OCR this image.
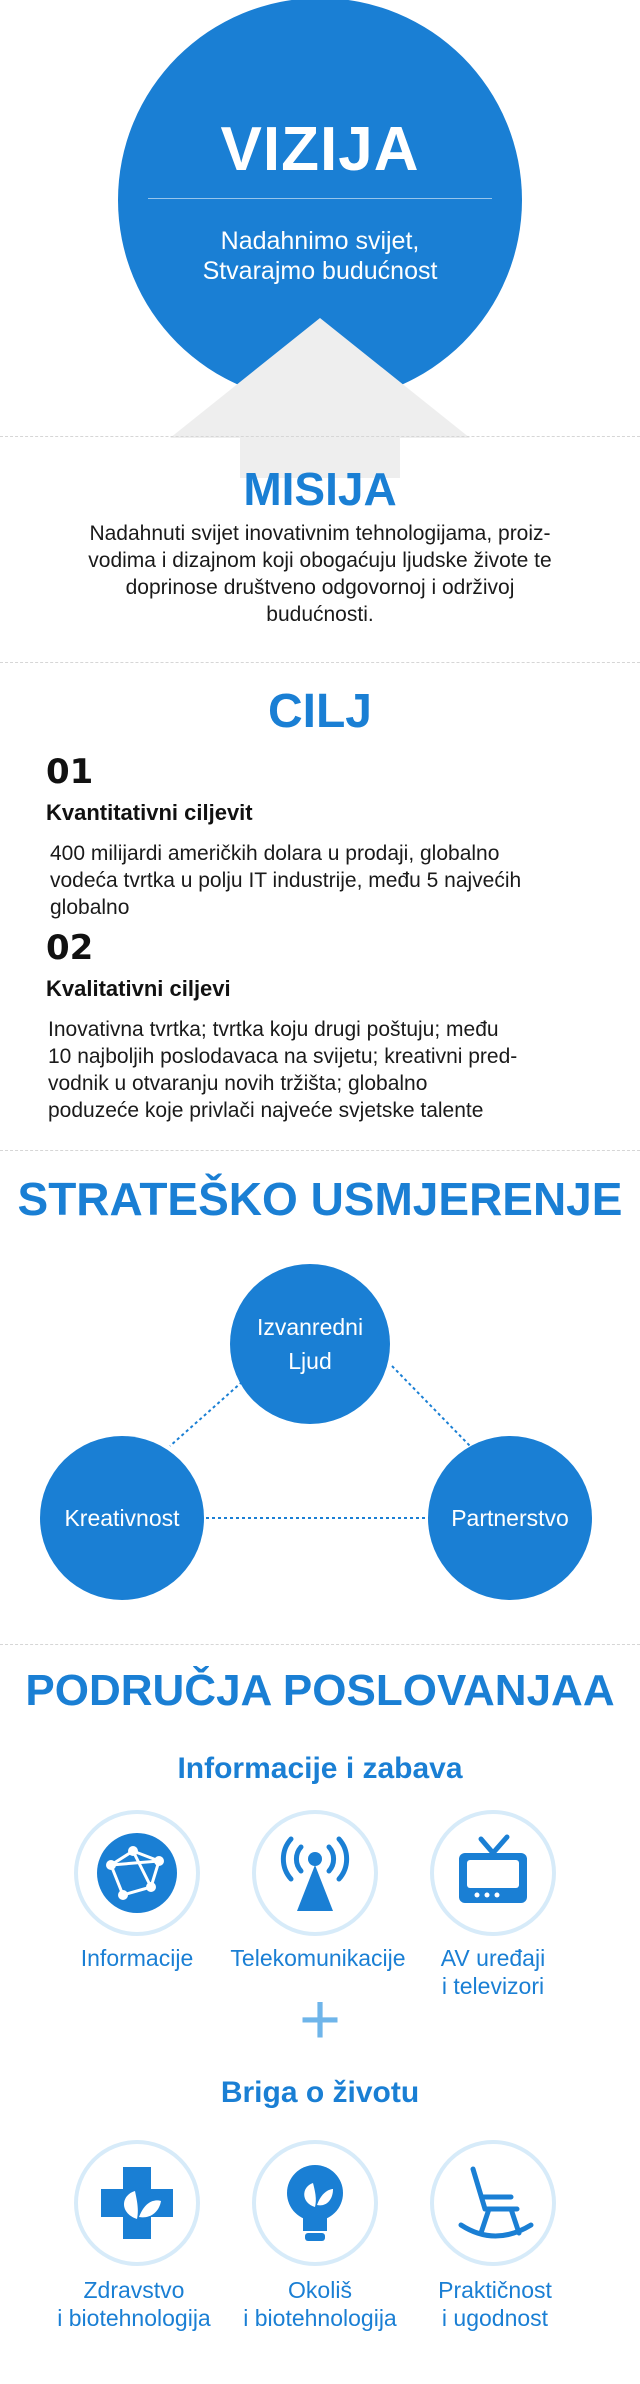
VIZIJA
Nadahnimo svijet,
Stvarajmo budućnost
MISIJA
Nadahnuti svijet inovativnim tehnologijama, proiz-
vodima i dizajnom koji obogaćuju ljudske živote te
doprinose društveno odgovornoj i održivoj
budućnosti.
CILJ
01
Kvantitativni ciljevit
400 milijardi američkih dolara u prodaji, globalno
vodeća tvrtka u polju IT industrije, među 5 najvećih
globalno
02
Kvalitativni ciljevi
Inovativna tvrtka; tvrtka koju drugi poštuju; među
10 najboljih poslodavaca na svijetu; kreativni pred-
vodnik u otvaranju novih tržišta; globalno
poduzeće koje privlači najveće svjetske talente
STRATEŠKO USMJERENJE
Izvanredni
Ljud
Kreativnost	Partnerstvo
PODRUČJA POSLOVANJAA
Informacije i zabava
Informacije	Telekomunikacije	AV uređaji
i televizori
+
Briga o životu
Zdravstvo
i biotehnologija
Okoliš
i biotehnologija
Praktičnost
i ugodnost
